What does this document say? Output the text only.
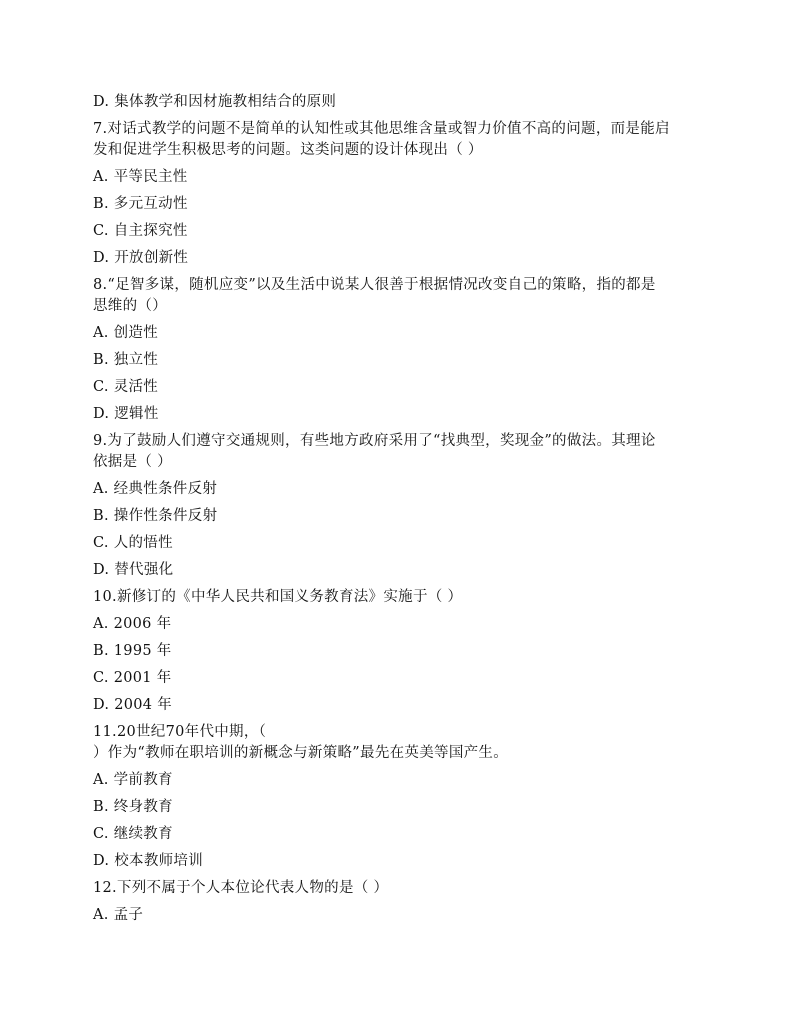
D. 集体教学和因材施教相结合的原则
7.对话式教学的问题不是简单的认知性或其他思维含量或智力价值不高的问题，而是能启
发和促进学生积极思考的问题。这类问题的设计体现出（ ）
A. 平等民主性
B. 多元互动性
C. 自主探究性
D. 开放创新性
8.“足智多谋，随机应变”以及生活中说某人很善于根据情况改变自己的策略，指的都是
思维的（）
A. 创造性
B. 独立性
C. 灵活性
D. 逻辑性
9.为了鼓励人们遵守交通规则，有些地方政府采用了“找典型，奖现金”的做法。其理论
依据是（ ）
A. 经典性条件反射
B. 操作性条件反射
C. 人的悟性
D. 替代强化
10.新修订的《中华人民共和国义务教育法》实施于（ ）
A. 2006 年
B. 1995 年
C. 2001 年
D. 2004 年
11.20世纪70年代中期，（
）作为“教师在职培训的新概念与新策略”最先在英美等国产生。
A. 学前教育
B. 终身教育
C. 继续教育
D. 校本教师培训
12.下列不属于个人本位论代表人物的是（ ）
A. 孟子
